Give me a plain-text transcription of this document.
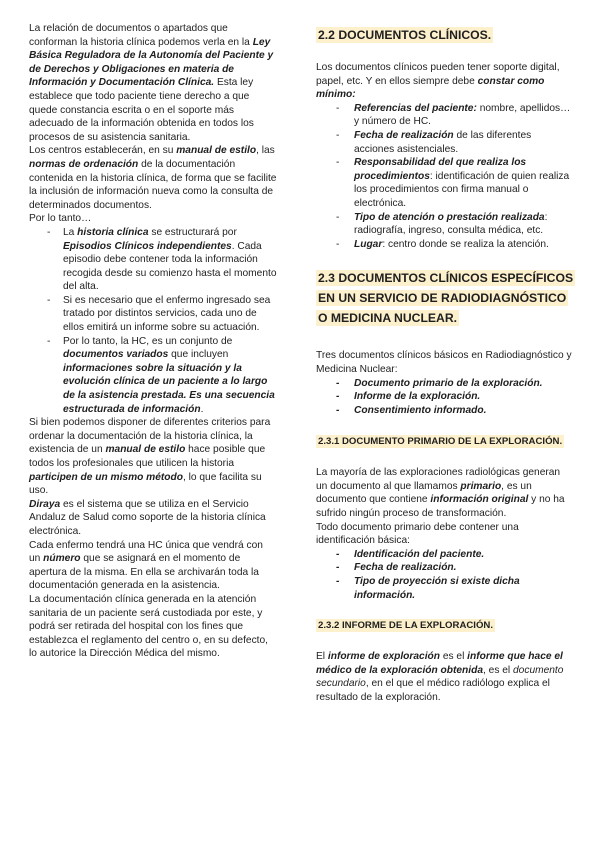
La relación de documentos o apartados que conforman la historia clínica podemos verla en la Ley Básica Reguladora de la Autonomía del Paciente y de Derechos y Obligaciones en materia de Información y Documentación Clínica. Esta ley establece que todo paciente tiene derecho a que quede constancia escrita o en el soporte más adecuado de la información obtenida en todos los procesos de su asistencia sanitaria.

Los centros establecerán, en su manual de estilo, las normas de ordenación de la documentación contenida en la historia clínica, de forma que se facilite la inclusión de información nueva como la consulta de determinados documentos.

Por lo tanto…

- La historia clínica se estructurará por Episodios Clínicos independientes. Cada episodio debe contener toda la información recogida desde su comienzo hasta el momento del alta.
- Si es necesario que el enfermo ingresado sea tratado por distintos servicios, cada uno de ellos emitirá un informe sobre su actuación.
- Por lo tanto, la HC, es un conjunto de documentos variados que incluyen informaciones sobre la situación y la evolución clínica de un paciente a lo largo de la asistencia prestada. Es una secuencia estructurada de información.

Si bien podemos disponer de diferentes criterios para ordenar la documentación de la historia clínica, la existencia de un manual de estilo hace posible que todos los profesionales que utilicen la historia participen de un mismo método, lo que facilita su uso.

Diraya es el sistema que se utiliza en el Servicio Andaluz de Salud como soporte de la historia clínica electrónica.

Cada enfermo tendrá una HC única que vendrá con un número que se asignará en el momento de apertura de la misma. En ella se archivarán toda la documentación generada en la asistencia.

La documentación clínica generada en la atención sanitaria de un paciente será custodiada por este, y podrá ser retirada del hospital con los fines que establezca el reglamento del centro o, en su defecto, lo autorice la Dirección Médica del mismo.

2.2 DOCUMENTOS CLÍNICOS.

Los documentos clínicos pueden tener soporte digital, papel, etc. Y en ellos siempre debe constar como mínimo:

- Referencias del paciente: nombre, apellidos… y número de HC.
- Fecha de realización de las diferentes acciones asistenciales.
- Responsabilidad del que realiza los procedimientos: identificación de quien realiza los procedimientos con firma manual o electrónica.
- Tipo de atención o prestación realizada: radiografía, ingreso, consulta médica, etc.
- Lugar: centro donde se realiza la atención.
2.3 DOCUMENTOS CLÍNICOS ESPECÍFICOS EN UN SERVICIO DE RADIODIAGNÓSTICO O MEDICINA NUCLEAR.

Tres documentos clínicos básicos en Radiodiagnóstico y Medicina Nuclear:

- Documento primario de la exploración.
- Informe de la exploración.
- Consentimiento informado.
2.3.1 DOCUMENTO PRIMARIO DE LA EXPLORACIÓN.

La mayoría de las exploraciones radiológicas generan un documento al que llamamos primario, es un documento que contiene información original y no ha sufrido ningún proceso de transformación.

Todo documento primario debe contener una identificación básica:

- Identificación del paciente.
- Fecha de realización.
- Tipo de proyección si existe dicha información.
2.3.2 INFORME DE LA EXPLORACIÓN.

El informe de exploración es el informe que hace el médico de la exploración obtenida, es el documento secundario, en el que el médico radiólogo explica el resultado de la exploración.
